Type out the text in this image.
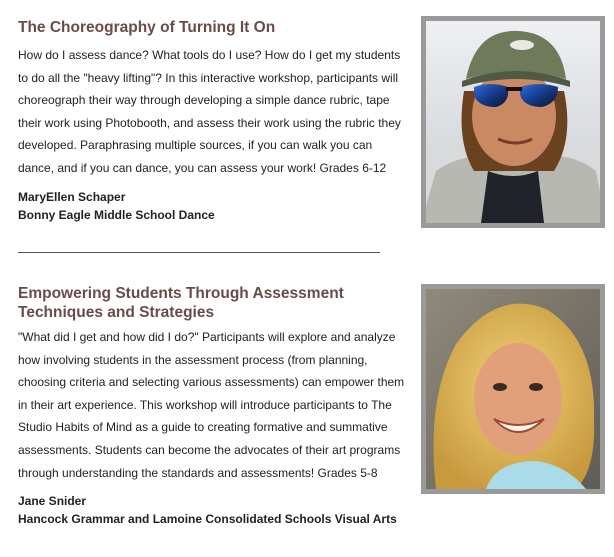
The Choreography of Turning It On

How do I assess dance? What tools do I use? How do I get my students to do all the "heavy lifting"? In this interactive workshop, participants will choreograph their way through developing a simple dance rubric, tape their work using Photobooth, and assess their work using the rubric they developed. Paraphrasing multiple sources, if you can walk you can dance, and if you can dance, you can assess your work! Grades 6-12

MaryEllen Schaper
Bonny Eagle Middle School Dance
Empowering Students Through Assessment Techniques and Strategies

"What did I get and how did I do?" Participants will explore and analyze how involving students in the assessment process (from planning, choosing criteria and selecting various assessments) can empower them in their art experience. This workshop will introduce participants to The Studio Habits of Mind as a guide to creating formative and summative assessments. Students can become the advocates of their art programs through understanding the standards and assessments! Grades 5-8

Jane Snider
Hancock Grammar and Lamoine Consolidated Schools Visual Arts
